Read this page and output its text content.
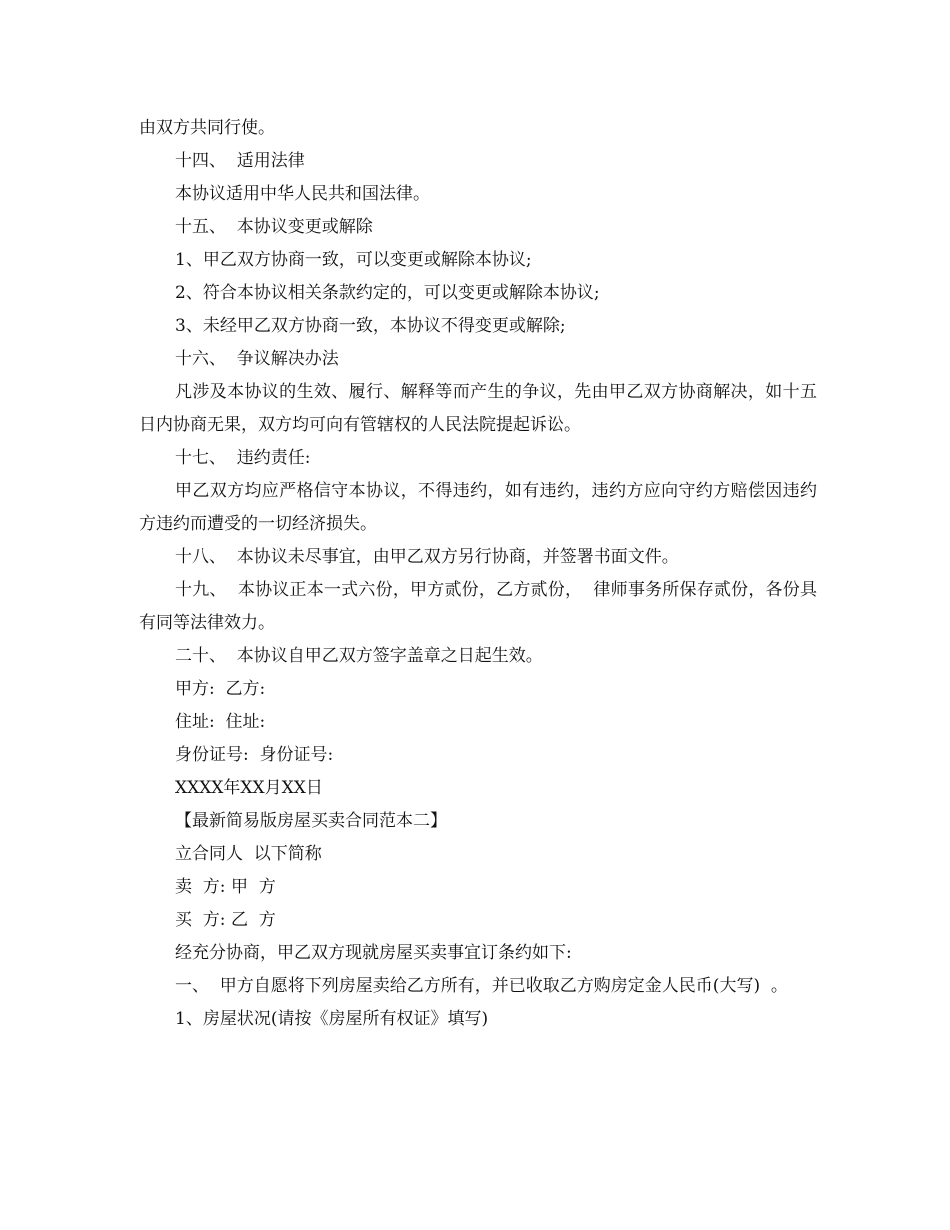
由双方共同行使。

十四、  适用法律

本协议适用中华人民共和国法律。

十五、  本协议变更或解除

1、甲乙双方协商一致，可以变更或解除本协议;

2、符合本协议相关条款约定的，可以变更或解除本协议;

3、未经甲乙双方协商一致，本协议不得变更或解除;

十六、  争议解决办法

凡涉及本协议的生效、履行、解释等而产生的争议，先由甲乙双方协商解决，如十五日内协商无果，双方均可向有管辖权的人民法院提起诉讼。

十七、  违约责任:

甲乙双方均应严格信守本协议，不得违约，如有违约，违约方应向守约方赔偿因违约方违约而遭受的一切经济损失。

十八、  本协议未尽事宜，由甲乙双方另行协商，并签署书面文件。

十九、  本协议正本一式六份，甲方贰份，乙方贰份，  律师事务所保存贰份，各份具有同等法律效力。

二十、  本协议自甲乙双方签字盖章之日起生效。

甲方:  乙方:

住址:  住址:

身份证号:  身份证号:

XXXX年XX月XX日

【最新简易版房屋买卖合同范本二】

立合同人  以下简称

卖  方: 甲  方

买  方: 乙  方

经充分协商，甲乙双方现就房屋买卖事宜订条约如下:

一、  甲方自愿将下列房屋卖给乙方所有，并已收取乙方购房定金人民币(大写)  。

1、房屋状况(请按《房屋所有权证》填写)
